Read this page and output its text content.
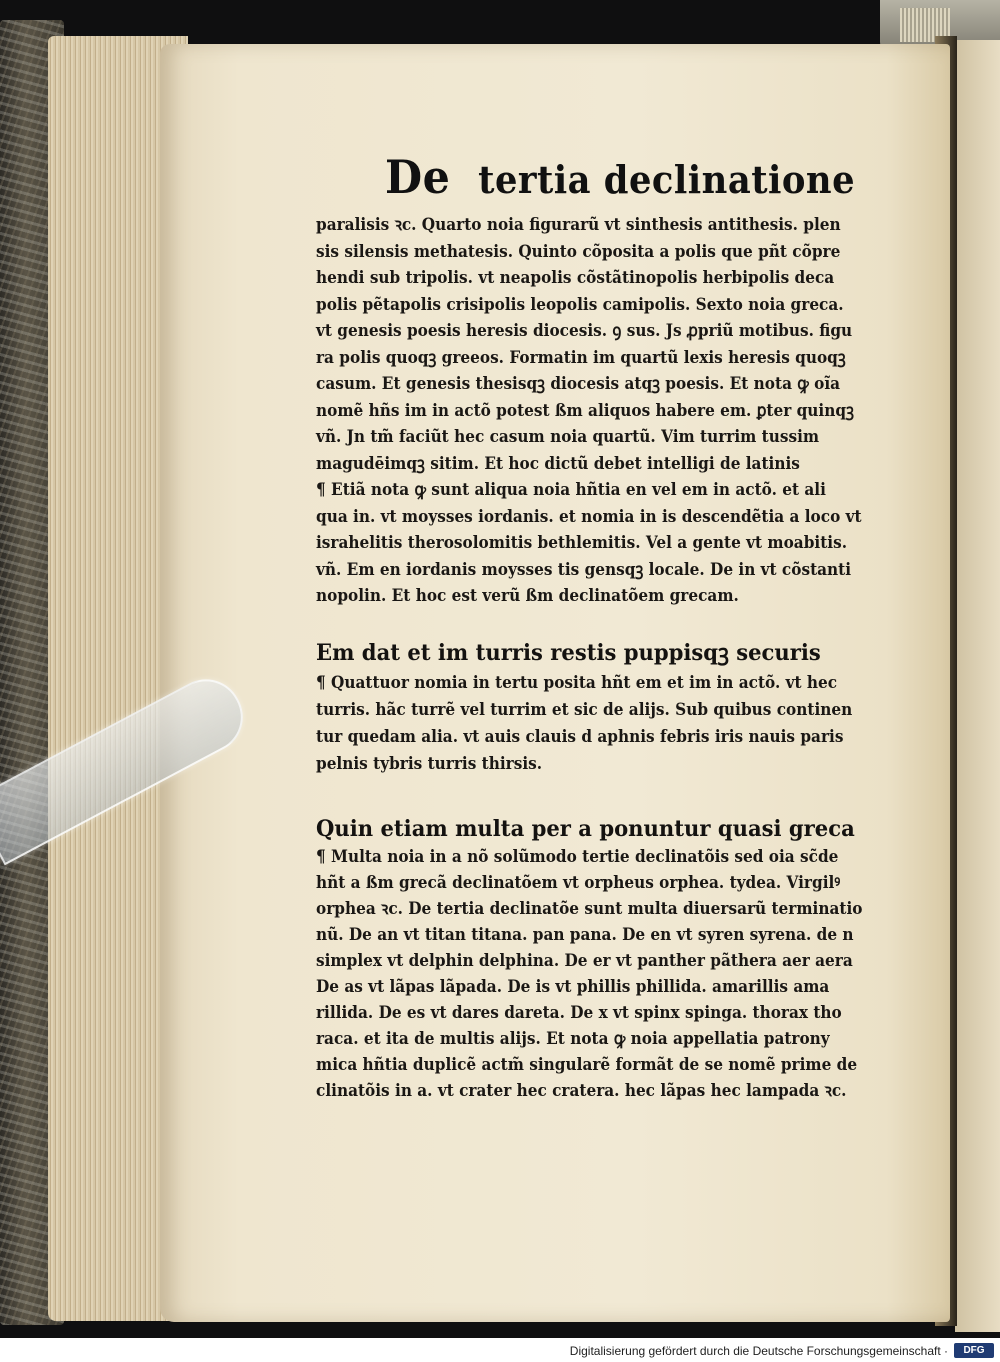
De tertia declinatione
paralisis ꝛc. Quarto noia figurarũ vt sinthesis antithesis. plen
sis silensis methatesis. Quinto cõposita a polis que pñt cõpre
hendi sub tripolis. vt neapolis cõstãtinopolis herbipolis deca
polis pẽtapolis crisipolis leopolis camipolis. Sexto noia greca.
vt genesis poesis heresis diocesis. ꝯ sus. Js ꝓpriũ motibus. figu
ra polis quoqꝫ greeos. Formatin im quartũ lexis heresis quoqꝫ
casum. Et genesis thesisqꝫ diocesis atqꝫ poesis. Et nota ꝙ oĩa
nomẽ hñs im in actõ potest ßm aliquos habere em. ꝑter quinqꝫ
vñ. Jn tm̃ faciũt hec casum noia quartũ. Vim turrim tussim
magudēimqꝫ sitim. Et hoc dictũ debet intelligi de latinis
¶ Etiã nota ꝙ sunt aliqua noia hñtia en vel em in actõ. et ali
qua in. vt moysses iordanis. et nomia in is descendẽtia a loco vt
israhelitis therosolomitis bethlemitis. Vel a gente vt moabitis.
vñ. Em en iordanis moysses tis gensqꝫ locale. De in vt cõstanti
nopolin. Et hoc est verũ ßm declinatõem grecam.
Em dat et im turris restis puppisqꝫ securis
¶ Quattuor nomia in tertu posita hñt em et im in actõ. vt hec
turris. hãc turrẽ vel turrim et sic de alijs. Sub quibus continen
tur quedam alia. vt auis clauis d aphnis febris iris nauis paris
pelnis tybris turris thirsis.
Quin etiam multa per a ponuntur quasi greca
¶ Multa noia in a nõ solũmodo tertie declinatõis sed oia sc̃de
hñt a ßm grecã declinatõem vt orpheus orphea. tydea. Virgilꝰ
orphea ꝛc. De tertia declinatõe sunt multa diuersarũ terminatio
nũ. De an vt titan titana. pan pana. De en vt syren syrena. de n
simplex vt delphin delphina. De er vt panther pãthera aer aera
De as vt lãpas lãpada. De is vt phillis phillida. amarillis ama
rillida. De es vt dares dareta. De x vt spinx spinga. thorax tho
raca. et ita de multis alijs. Et nota ꝙ noia appellatia patrony
mica hñtia duplicẽ actm̃ singularẽ formãt de se nomẽ prime de
clinatõis in a. vt crater hec cratera. hec lãpas hec lampada ꝛc.
Digitalisierung gefördert durch die Deutsche Forschungsgemeinschaft ·	DFG
